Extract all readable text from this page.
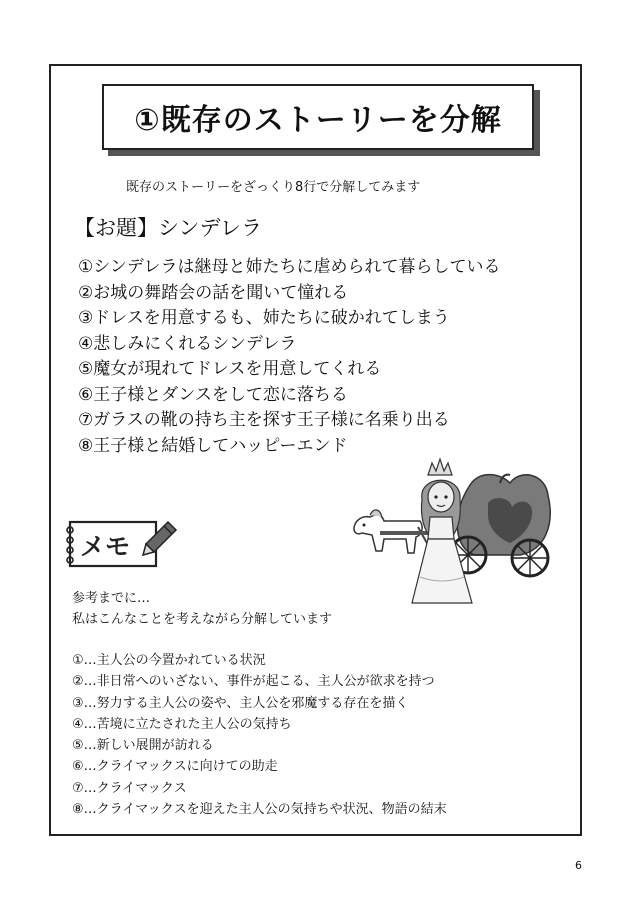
①既存のストーリーを分解
既存のストーリーをざっくり8行で分解してみます
【お題】シンデレラ
①シンデレラは継母と姉たちに虐められて暮らしている
②お城の舞踏会の話を聞いて憧れる
③ドレスを用意するも、姉たちに破かれてしまう
④悲しみにくれるシンデレラ
⑤魔女が現れてドレスを用意してくれる
⑥王子様とダンスをして恋に落ちる
⑦ガラスの靴の持ち主を探す王子様に名乗り出る
⑧王子様と結婚してハッピーエンド
メモ
参考までに…
私はこんなことを考えながら分解しています
①…主人公の今置かれている状況
②…非日常へのいざない、事件が起こる、主人公が欲求を持つ
③…努力する主人公の姿や、主人公を邪魔する存在を描く
④…苦境に立たされた主人公の気持ち
⑤…新しい展開が訪れる
⑥…クライマックスに向けての助走
⑦…クライマックス
⑧…クライマックスを迎えた主人公の気持ちや状況、物語の結末
6
